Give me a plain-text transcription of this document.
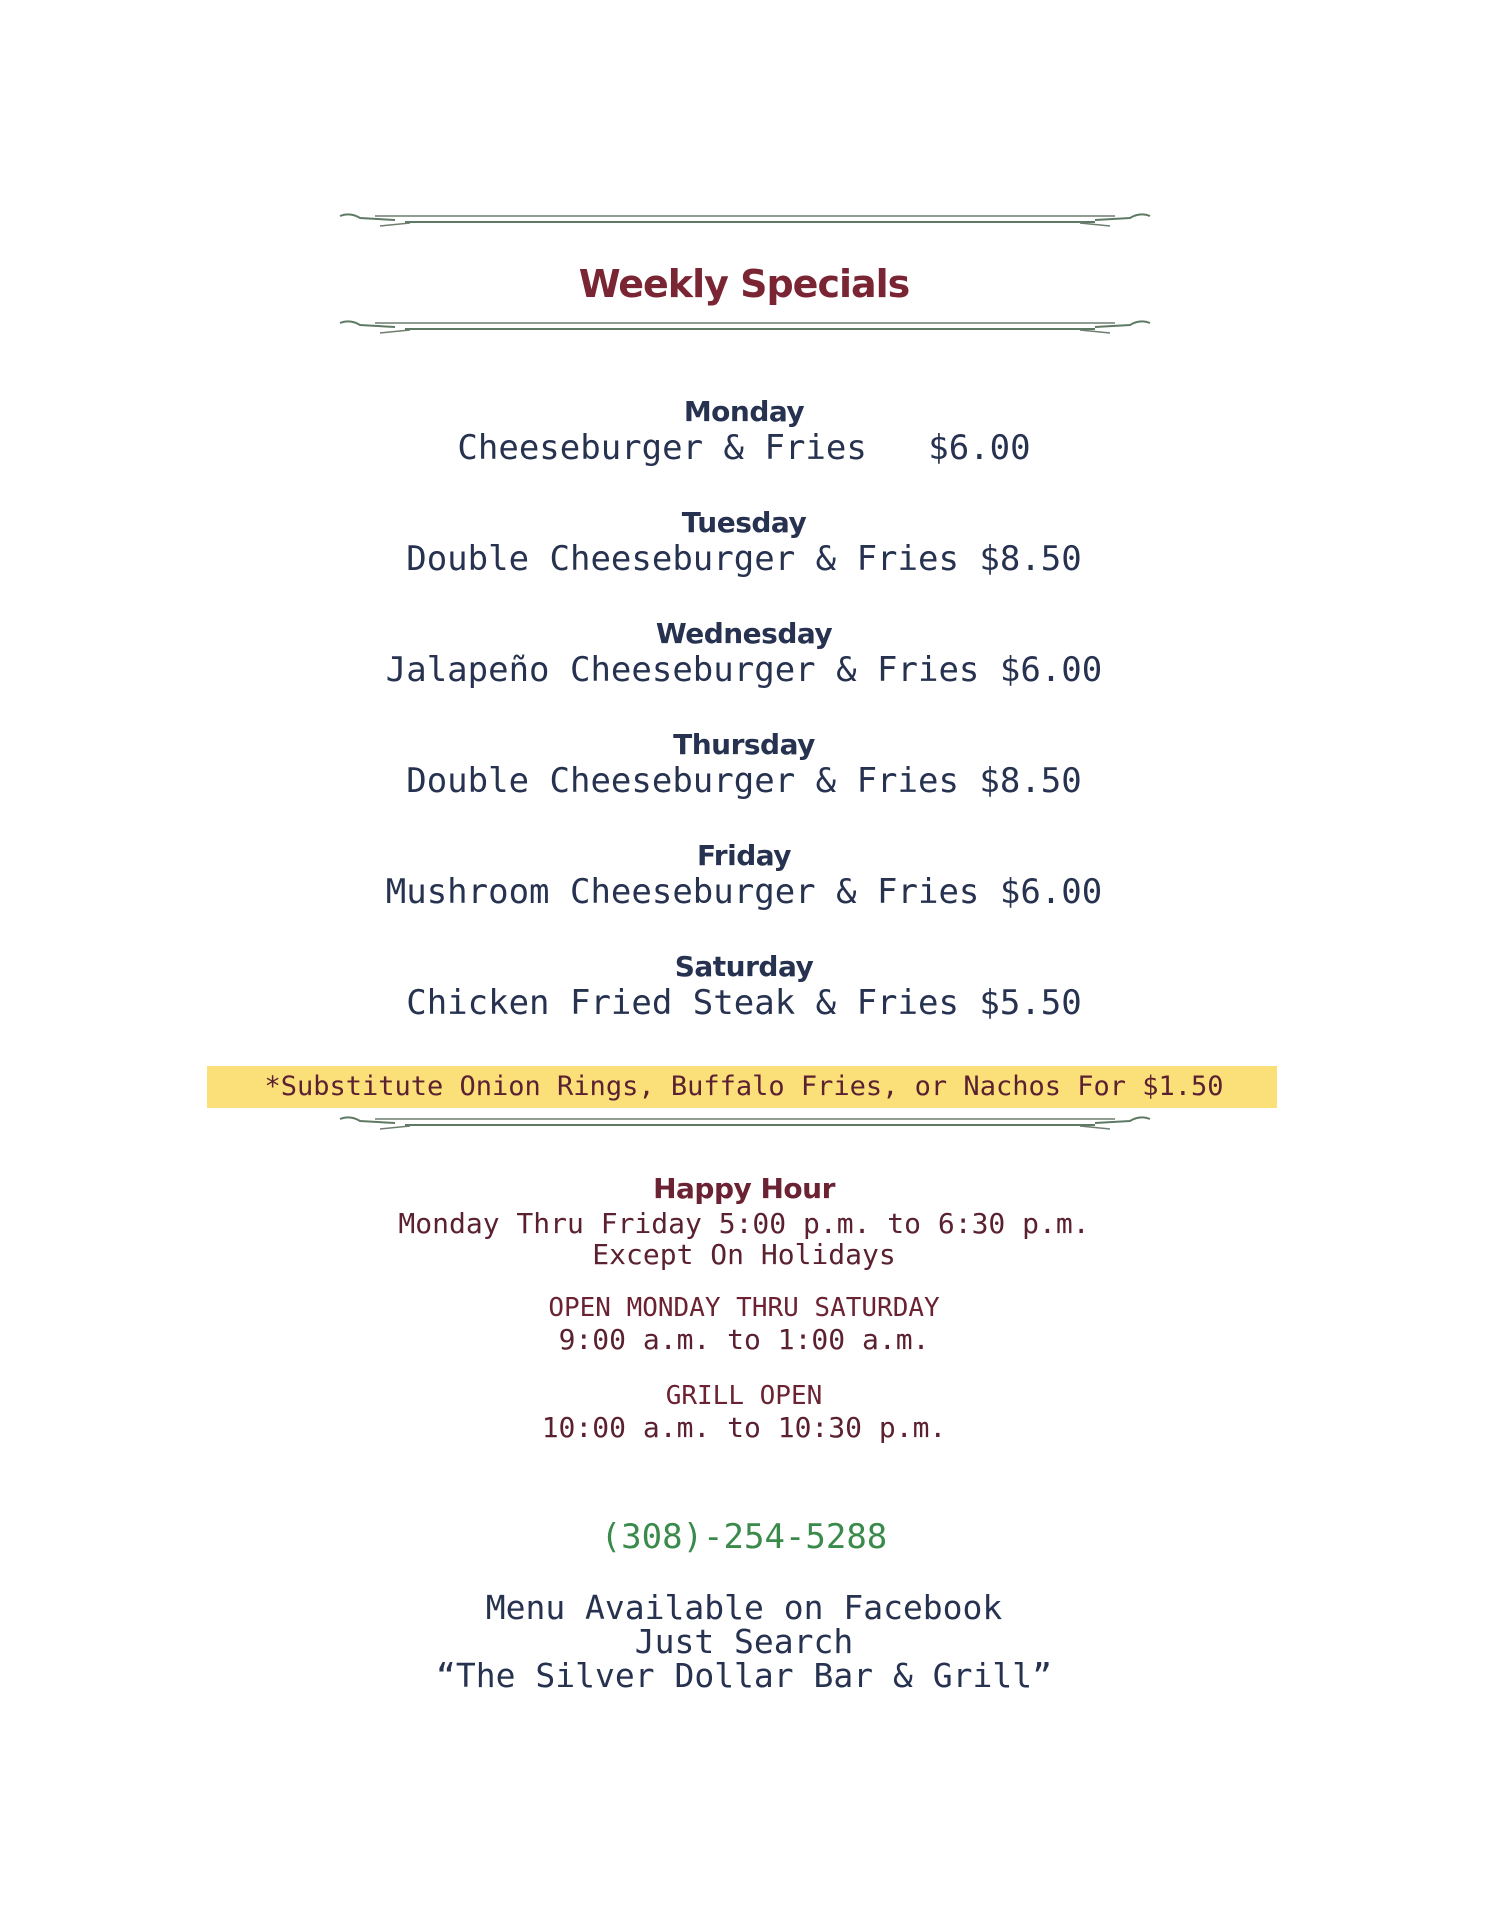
Weekly Specials
Monday
Cheeseburger & Fries   $6.00
Tuesday
Double Cheeseburger & Fries $8.50
Wednesday
Jalapeño Cheeseburger & Fries $6.00
Thursday
Double Cheeseburger & Fries $8.50
Friday
Mushroom Cheeseburger & Fries $6.00
Saturday
Chicken Fried Steak & Fries $5.50
*Substitute Onion Rings, Buffalo Fries, or Nachos For $1.50
Happy Hour
Monday Thru Friday 5:00 p.m. to 6:30 p.m.
Except On Holidays
OPEN MONDAY THRU SATURDAY
9:00 a.m. to 1:00 a.m.
GRILL OPEN
10:00 a.m. to 10:30 p.m.
(308)-254-5288
Menu Available on Facebook
Just Search
“The Silver Dollar Bar & Grill”
